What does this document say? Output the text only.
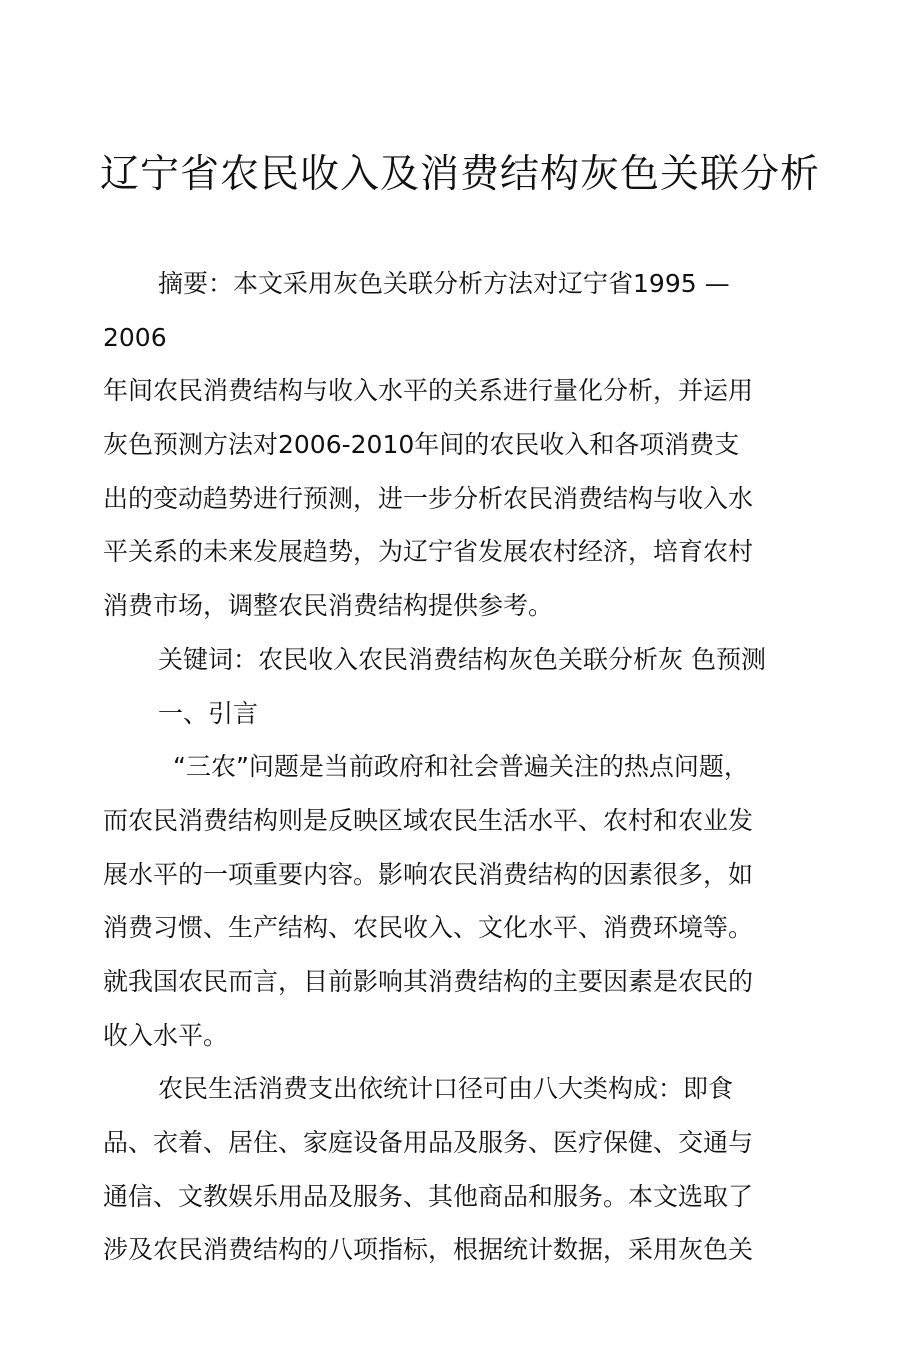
辽宁省农民收入及消费结构灰色关联分析
摘要：本文采用灰色关联分析方法对辽宁省1995 —
2006
年间农民消费结构与收入水平的关系进行量化分析，并运用
灰色预测方法对2006-2010年间的农民收入和各项消费支
出的变动趋势进行预测，进一步分析农民消费结构与收入水
平关系的未来发展趋势，为辽宁省发展农村经济，培育农村
消费市场，调整农民消费结构提供参考。
关键词：农民收入农民消费结构灰色关联分析灰 色预测
一、引言
“三农”问题是当前政府和社会普遍关注的热点问题，
而农民消费结构则是反映区域农民生活水平、农村和农业发
展水平的一项重要内容。影响农民消费结构的因素很多，如
消费习惯、生产结构、农民收入、文化水平、消费环境等。
就我国农民而言，目前影响其消费结构的主要因素是农民的
收入水平。
农民生活消费支出依统计口径可由八大类构成：即食
品、衣着、居住、家庭设备用品及服务、医疗保健、交通与
通信、文教娱乐用品及服务、其他商品和服务。本文选取了
涉及农民消费结构的八项指标，根据统计数据，采用灰色关
